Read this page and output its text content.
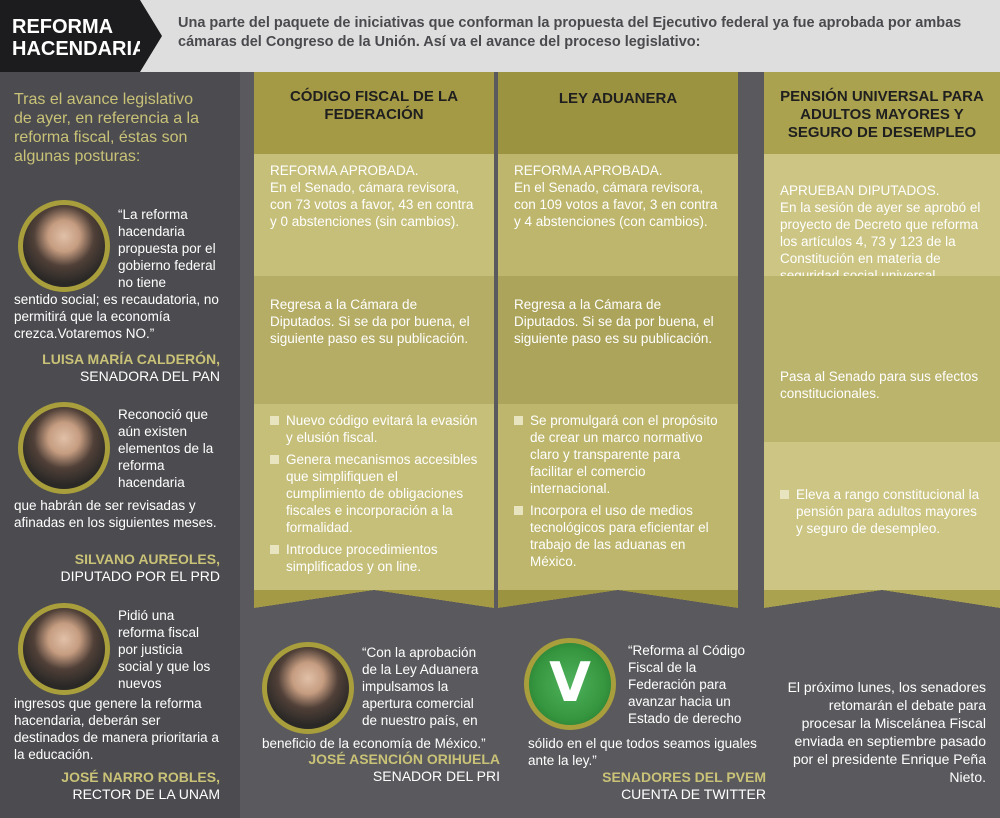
REFORMA
HACENDARIA
Una parte del paquete de iniciativas que conforman la propuesta del Ejecutivo federal ya fue aprobada por ambas cámaras del Congreso de la Unión. Así va el avance del proceso legislativo:
Tras el avance legislativo de ayer, en referencia a la reforma fiscal, éstas son algunas posturas:
“La reforma hacendaria propuesta por el gobierno federal no tiene
sentido social; es recaudatoria, no permitirá que la economía crezca.Votaremos NO.”
LUISA MARÍA CALDERÓN,
SENADORA DEL PAN
Reconoció que aún existen elementos de la reforma hacendaria
que habrán de ser revisadas y afinadas en los siguientes meses.
SILVANO AUREOLES,
DIPUTADO POR EL PRD
Pidió una reforma fiscal por justicia social y que los nuevos
ingresos que genere la reforma hacendaria, deberán ser destinados de manera prioritaria a la educación.
JOSÉ NARRO ROBLES,
RECTOR DE LA UNAM
CÓDIGO FISCAL DE LA FEDERACIÓN
REFORMA APROBADA.
En el Senado, cámara revisora, con 73 votos a favor, 43 en contra y 0 abstenciones (sin cambios).
Regresa a la Cámara de Diputados. Si se da por buena, el siguiente paso es su publicación.
Nuevo código evitará la evasión y elusión fiscal.
Genera mecanismos accesibles que simplifiquen el cumplimiento de obligaciones fiscales e incorporación a la formalidad.
Introduce procedimientos simplificados y on line.
LEY ADUANERA
REFORMA APROBADA.
En el Senado, cámara revisora, con 109 votos a favor, 3 en contra y 4 abstenciones (con cambios).
Regresa a la Cámara de Diputados. Si se da por buena, el siguiente paso es su publicación.
Se promulgará con el propósito de crear un marco normativo claro y transparente para facilitar el comercio internacional.
Incorpora el uso de medios tecnológicos para eficientar el trabajo de las aduanas en México.
PENSIÓN UNIVERSAL PARA ADULTOS MAYORES Y SEGURO DE DESEMPLEO
APRUEBAN DIPUTADOS.
En la sesión de ayer se aprobó el proyecto de Decreto que reforma los artículos 4, 73 y 123 de la Constitución en materia de
Pasa al Senado para sus efectos constitucionales.
Eleva a rango constitucional la pensión para adultos mayores y seguro de desempleo.
“Con la aprobación de la Ley Aduanera impulsamos la apertura comercial de nuestro país, en
beneficio de la economía de México.”
JOSÉ ASENCIÓN ORIHUELA
SENADOR DEL PRI
V
“Reforma al Código Fiscal de la Federación para avanzar hacia un Estado de derecho
sólido en el que todos seamos iguales ante la ley.”
SENADORES DEL PVEM
CUENTA DE TWITTER
El próximo lunes, los senadores retomarán el debate para procesar la Miscelánea Fiscal enviada en septiembre pasado por el presidente Enrique Peña Nieto.
